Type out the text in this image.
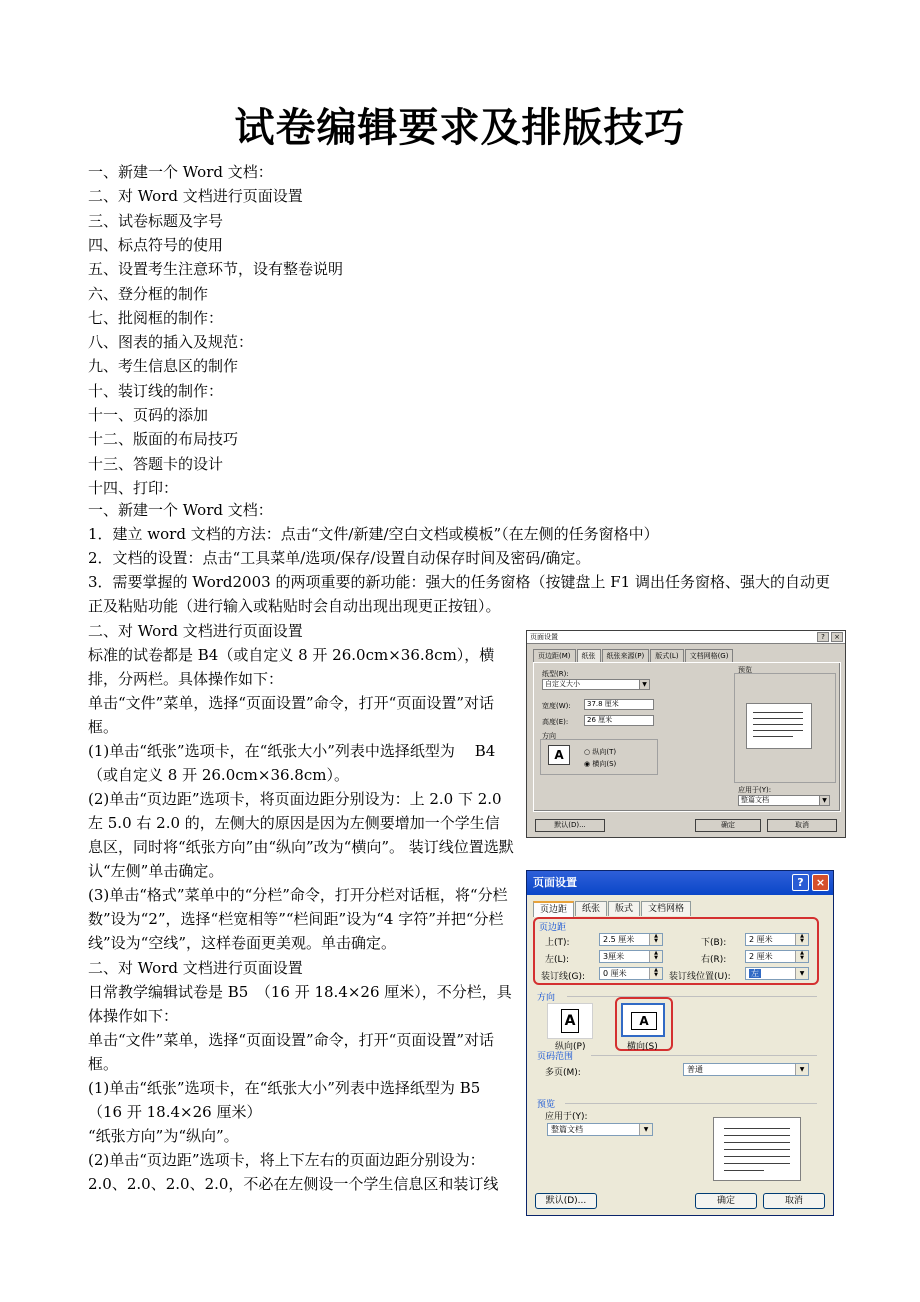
试卷编辑要求及排版技巧
一、新建一个 Word 文档：
二、对 Word 文档进行页面设置
三、试卷标题及字号
四、标点符号的使用
五、设置考生注意环节，设有整卷说明
六、登分框的制作
七、批阅框的制作：
八、图表的插入及规范：
九、考生信息区的制作
十、装订线的制作：
十一、页码的添加
十二、版面的布局技巧
十三、答题卡的设计
十四、打印：
一、新建一个 Word 文档：
1．建立 word 文档的方法：点击“文件/新建/空白文档或模板”（在左侧的任务窗格中）
2．文档的设置：点击“工具菜单/选项/保存/设置自动保存时间及密码/确定。
3．需要掌握的 Word2003 的两项重要的新功能：强大的任务窗格（按键盘上 F1 调出任务窗格、强大的自动更正及粘贴功能（进行输入或粘贴时会自动出现出现更正按钮）。
二、对 Word 文档进行页面设置
标准的试卷都是 B4（或自定义 8 开 26.0cm×36.8cm），横排，分两栏。具体操作如下：
单击“文件”菜单，选择“页面设置”命令，打开“页面设置”对话框。
(1)单击“纸张”选项卡，在“纸张大小”列表中选择纸型为　 B4（或自定义 8 开 26.0cm×36.8cm）。
(2)单击“页边距”选项卡，将页面边距分别设为：上 2.0 下 2.0 左 5.0 右 2.0 的，左侧大的原因是因为左侧要增加一个学生信息区，同时将“纸张方向”由“纵向”改为“横向”。 装订线位置选默认“左侧”单击确定。
(3)单击“格式”菜单中的“分栏”命令，打开分栏对话框，将“分栏数”设为“2”，选择“栏宽相等”“栏间距”设为“4 字符”并把“分栏线”设为“空线”，这样卷面更美观。单击确定。
二、对 Word 文档进行页面设置
日常教学编辑试卷是 B5　（16 开 18.4×26 厘米），不分栏，具体操作如下：
单击“文件”菜单，选择“页面设置”命令，打开“页面设置”对话框。
(1)单击“纸张”选项卡，在“纸张大小”列表中选择纸型为 B5（16 开 18.4×26 厘米）
“纸张方向”为“纵向”。
(2)单击“页边距”选项卡，将上下左右的页面边距分别设为：2.0、2.0、2.0、2.0，不必在左侧设一个学生信息区和装订线
页面设置	?	×
页边距(M)	纸张	纸张来源(P)	版式(L)	文档网格(G)
纸型(R):
自定义大小	▼
宽度(W):	37.8 厘米
高度(E):	26 厘米
方向
A	○ 纵向(T)
◉ 横向(S)
预览
应用于(Y):
整篇文档	▼
默认(D)...	确定	取消
页面设置	?	×
页边距	纸张	版式	文档网格
页边距
上(T):	2.5 厘米	▲
▼	下(B):	2 厘米	▲
▼
左(L):	3厘米	▲
▼	右(R):	2 厘米	▲
▼
装订线(G):	0 厘米	▲
▼	装订线位置(U):	左	▼
方向
A
纵向(P)
A
横向(S)
页码范围
多页(M):	普通	▼
预览
应用于(Y):
整篇文档	▼
默认(D)...	确定	取消
